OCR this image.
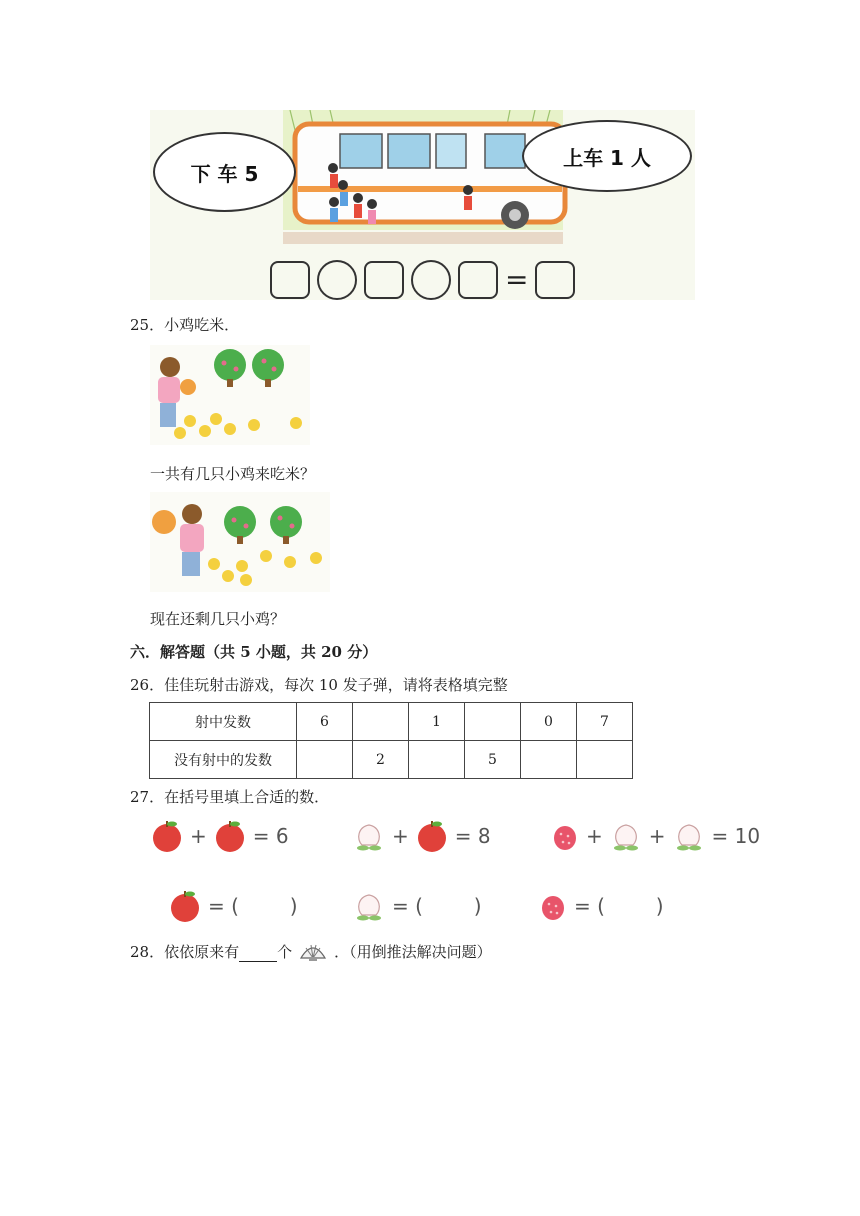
下 车 5
上车 1 人
=
25．小鸡吃米．
一共有几只小鸡来吃米？
现在还剩几只小鸡？
六．解答题（共 5 小题，共 20 分）
26．佳佳玩射击游戏，每次 10 发子弹，请将表格填完整
射中发数	6		1		0	7
没有射中的发数		2		5		
27．在括号里填上合适的数．
+ = 6	+ = 8	+ + = 10
= (        )	= (        )	= (        )
28．依依原来有	个	．（用倒推法解决问题）
